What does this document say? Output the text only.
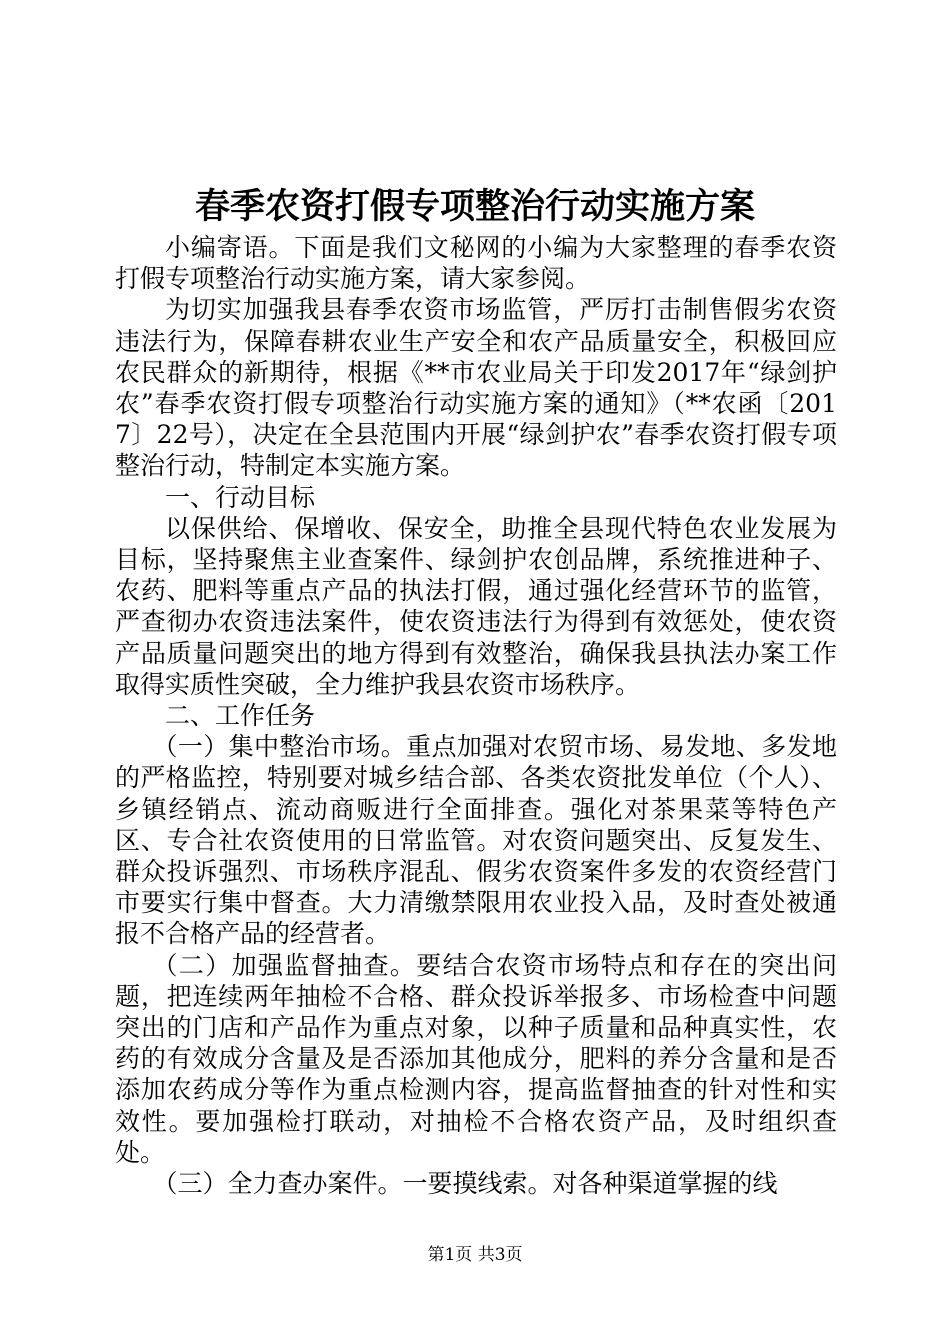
春季农资打假专项整治行动实施方案

小编寄语。下面是我们文秘网的小编为大家整理的春季农资打假专项整治行动实施方案，请大家参阅。

为切实加强我县春季农资市场监管，严厉打击制售假劣农资违法行为，保障春耕农业生产安全和农产品质量安全，积极回应农民群众的新期待，根据《**市农业局关于印发2017年“绿剑护农”春季农资打假专项整治行动实施方案的通知》（**农函〔2017〕22号），决定在全县范围内开展“绿剑护农”春季农资打假专项整治行动，特制定本实施方案。

一、行动目标

以保供给、保增收、保安全，助推全县现代特色农业发展为目标，坚持聚焦主业查案件、绿剑护农创品牌，系统推进种子、农药、肥料等重点产品的执法打假，通过强化经营环节的监管，严查彻办农资违法案件，使农资违法行为得到有效惩处，使农资产品质量问题突出的地方得到有效整治，确保我县执法办案工作取得实质性突破，全力维护我县农资市场秩序。

二、工作任务

（一）集中整治市场。重点加强对农贸市场、易发地、多发地的严格监控，特别要对城乡结合部、各类农资批发单位（个人）、乡镇经销点、流动商贩进行全面排查。强化对茶果菜等特色产区、专合社农资使用的日常监管。对农资问题突出、反复发生、群众投诉强烈、市场秩序混乱、假劣农资案件多发的农资经营门市要实行集中督查。大力清缴禁限用农业投入品，及时查处被通报不合格产品的经营者。

（二）加强监督抽查。要结合农资市场特点和存在的突出问题，把连续两年抽检不合格、群众投诉举报多、市场检查中问题突出的门店和产品作为重点对象，以种子质量和品种真实性，农药的有效成分含量及是否添加其他成分，肥料的养分含量和是否添加农药成分等作为重点检测内容，提高监督抽查的针对性和实效性。要加强检打联动，对抽检不合格农资产品，及时组织查处。

（三）全力查办案件。一要摸线索。对各种渠道掌握的线

第1页 共3页
